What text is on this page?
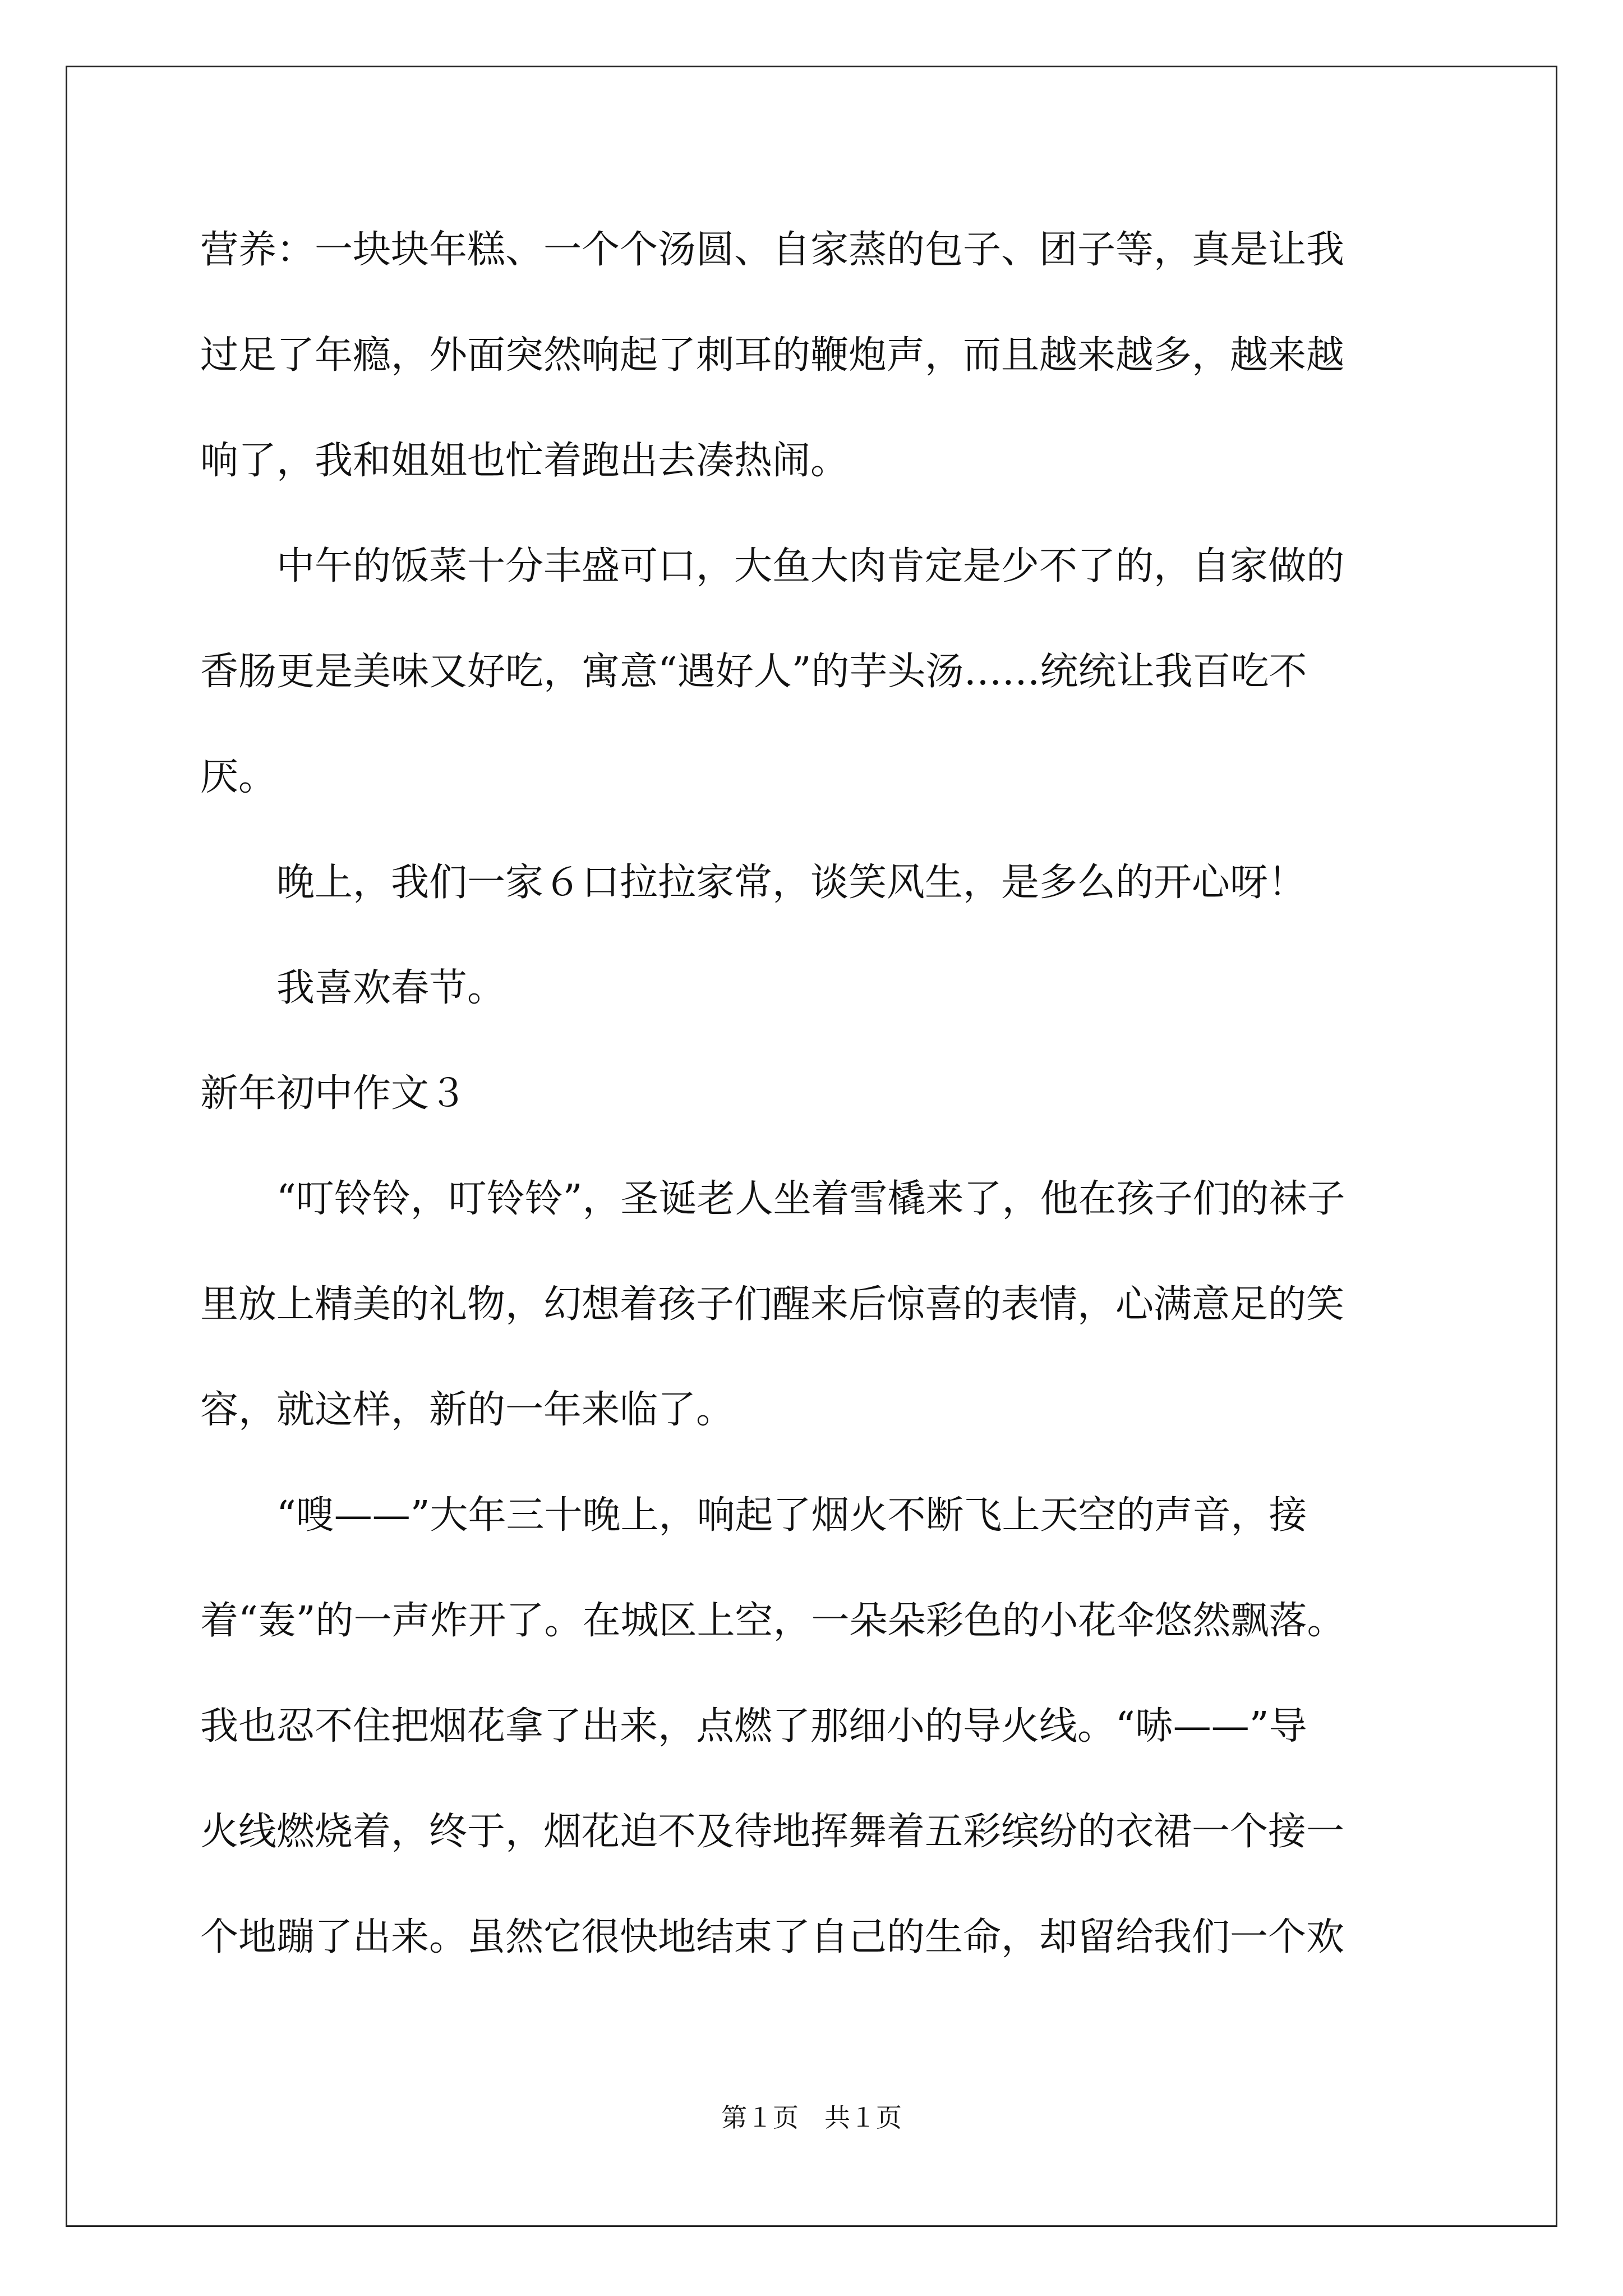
营养：一块块年糕、一个个汤圆、自家蒸的包子、团子等，真是让我
过足了年瘾，外面突然响起了刺耳的鞭炮声，而且越来越多，越来越
响了，我和姐姐也忙着跑出去凑热闹。
　　中午的饭菜十分丰盛可口，大鱼大肉肯定是少不了的，自家做的
香肠更是美味又好吃，寓意“遇好人”的芋头汤……统统让我百吃不
厌。
　　晚上，我们一家６口拉拉家常，谈笑风生，是多么的开心呀！
　　我喜欢春节。
新年初中作文３
　　“叮铃铃，叮铃铃”，圣诞老人坐着雪橇来了，他在孩子们的袜子
里放上精美的礼物，幻想着孩子们醒来后惊喜的表情，心满意足的笑
容，就这样，新的一年来临了。
　　“嗖——”大年三十晚上，响起了烟火不断飞上天空的声音，接
着“轰”的一声炸开了。在城区上空，一朵朵彩色的小花伞悠然飘落。
我也忍不住把烟花拿了出来，点燃了那细小的导火线。“哧——”导
火线燃烧着，终于，烟花迫不及待地挥舞着五彩缤纷的衣裙一个接一
个地蹦了出来。虽然它很快地结束了自己的生命，却留给我们一个欢
第１页　共１页
